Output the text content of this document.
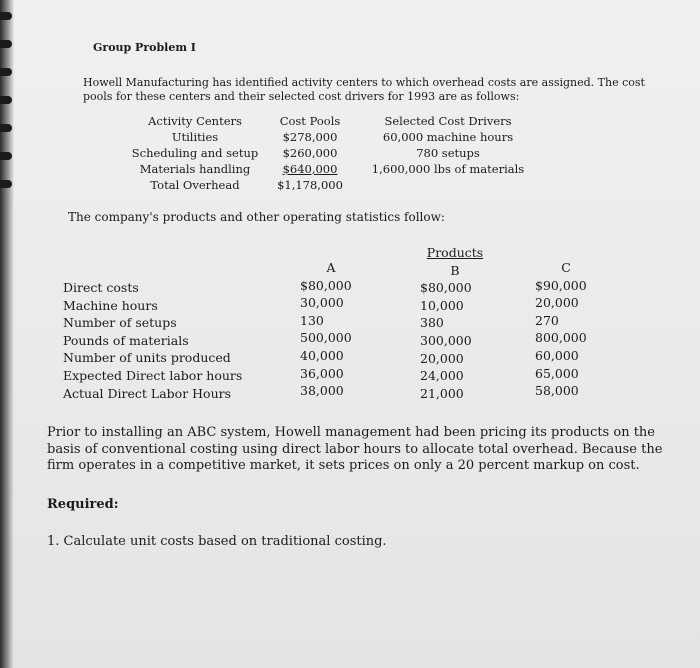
Group Problem I
Howell Manufacturing has identified activity centers to which overhead costs are assigned. The cost
pools for these centers and their selected cost drivers for 1993 are as follows:
Activity Centers
Utilities
Scheduling and setup
Materials handling
Total Overhead
Cost Pools
$278,000
$260,000
$640,000
$1,178,000
Selected Cost Drivers
60,000 machine hours
780 setups
1,600,000 lbs of materials
The company's products and other operating statistics follow:
Direct costs
Machine hours
Number of setups
Pounds of materials
Number of units produced
Expected Direct labor hours
Actual Direct Labor Hours
A
$80,000
30,000
130
500,000
40,000
36,000
38,000
Products
B
$80,000
10,000
380
300,000
20,000
24,000
21,000
C
$90,000
20,000
270
800,000
60,000
65,000
58,000
Prior to installing an ABC system, Howell management had been pricing its products on the basis of conventional costing using direct labor hours to allocate total overhead. Because the firm operates in a competitive market, it sets prices on only a 20 percent markup on cost.
Required:
1. Calculate unit costs based on traditional costing.
